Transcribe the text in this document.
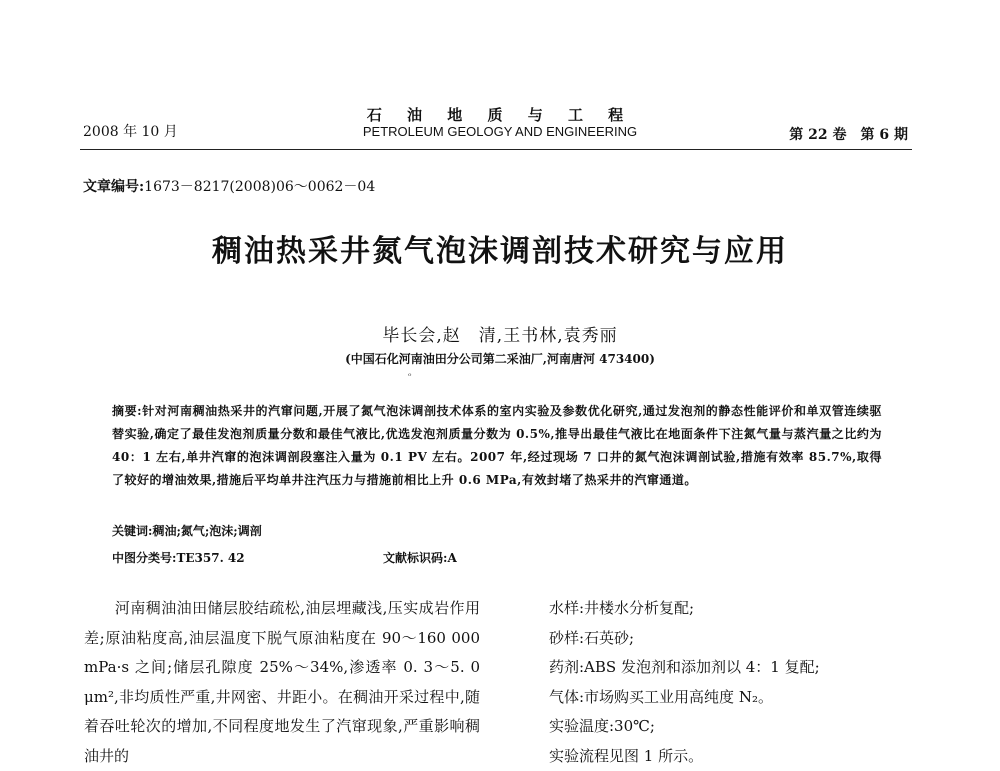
石 油 地 质 与 工 程
2008 年 10 月	PETROLEUM GEOLOGY AND ENGINEERING	第 22 卷　第 6 期
文章编号:1673－8217(2008)06～0062－04
稠油热采井氮气泡沫调剖技术研究与应用
毕长会,赵　清,王书林,袁秀丽
(中国石化河南油田分公司第二采油厂,河南唐河 473400)
ᵒ
摘要:针对河南稠油热采井的汽窜问题,开展了氮气泡沫调剖技术体系的室内实验及参数优化研究,通过发泡剂的静态性能评价和单双管连续驱替实验,确定了最佳发泡剂质量分数和最佳气液比,优选发泡剂质量分数为 0.5%,推导出最佳气液比在地面条件下注氮气量与蒸汽量之比约为 40：1 左右,单井汽窜的泡沫调剖段塞注入量为 0.1 PV 左右。2007 年,经过现场 7 口井的氮气泡沫调剖试验,措施有效率 85.7%,取得了较好的增油效果,措施后平均单井注汽压力与措施前相比上升 0.6 MPa,有效封堵了热采井的汽窜通道。
关键词:稠油;氮气;泡沫;调剖
中图分类号:TE357. 42	文献标识码:A

　　河南稠油油田储层胶结疏松,油层埋藏浅,压实成岩作用差;原油粘度高,油层温度下脱气原油粘度在 90～160 000 mPa·s 之间;储层孔隙度 25%～34%,渗透率 0. 3～5. 0 μm²,非均质性严重,井网密、井距小。在稠油开采过程中,随着吞吐轮次的增加,不同程度地发生了汽窜现象,严重影响稠油井的

水样:井楼水分析复配;
砂样:石英砂;
药剂:ABS 发泡剂和添加剂以 4：1 复配;
气体:市场购买工业用高纯度 N₂。
实验温度:30℃;
实验流程见图 1 所示。
